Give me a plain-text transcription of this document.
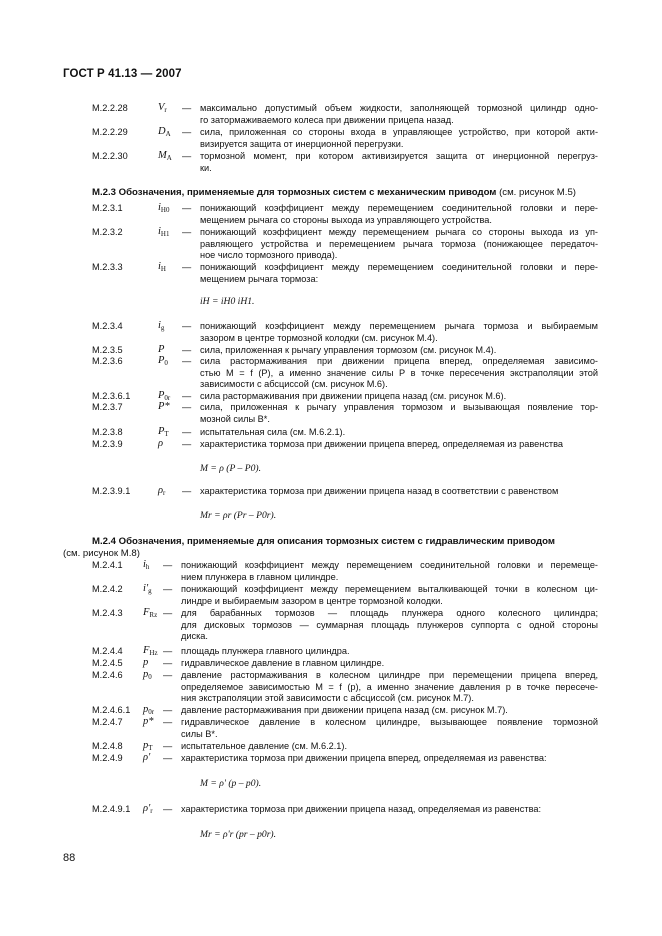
ГОСТ Р 41.13 — 2007
М.2.2.28	$V_r$ — максимально допустимый объем жидкости, заполняющей тормозной цилиндр одно-
го затормаживаемого колеса при движении прицепа назад.
М.2.2.29	$D_A$ — сила, приложенная со стороны входа в управляющее устройство, при которой акти-
визируется защита от инерционной перегрузки.
М.2.2.30	$M_A$ — тормозной момент, при котором активизируется защита от инерционной перегруз-
ки.
М.2.3 Обозначения, применяемые для тормозных систем с механическим приводом (см. рисунок М.5)
М.2.3.1	$i_{H0}$ — понижающий коэффициент между перемещением соединительной головки и пере-
мещением рычага со стороны выхода из управляющего устройства.
М.2.3.2	$i_{H1}$ — понижающий коэффициент между перемещением рычага со стороны выхода из уп-
равляющего устройства и перемещением рычага тормоза (понижающее передаточ-
ное число тормозного привода).
М.2.3.3	$i_H$ — понижающий коэффициент между перемещением соединительной головки и пере-
мещением рычага тормоза:
iH = iH0 iH1.
М.2.3.4	$i_g$ — понижающий коэффициент между перемещением рычага тормоза и выбираемым
зазором в центре тормозной колодки (см. рисунок М.4).
М.2.3.5	P — сила, приложенная к рычагу управления тормозом (см. рисунок М.4).
М.2.3.6	$P_0$ — сила растормаживания при движении прицепа вперед, определяемая зависимо-
стью M = f (P), а именно значение силы P в точке пересечения экстраполяции этой
зависимости с абсциссой (см. рисунок М.6).
М.2.3.6.1	$P_{0r}$ — сила растормаживания при движении прицепа назад (см. рисунок М.6).
М.2.3.7	P* — сила, приложенная к рычагу управления тормозом и вызывающая появление тор-
мозной силы B*.
М.2.3.8	$P_T$ — испытательная сила (см. М.6.2.1).
М.2.3.9	ρ — характеристика тормоза при движении прицепа вперед, определяемая из равенства
M = ρ (P – P0).
М.2.3.9.1	$\rho_r$ — характеристика тормоза при движении прицепа назад в соответствии с равенством
Mr = ρr (Pr – P0r).
М.2.4 Обозначения, применяемые для описания тормозных систем с гидравлическим приводом
(см. рисунок М.8)
М.2.4.1 $i_h$ — понижающий коэффициент между перемещением соединительной головки и перемеще-
нием плунжера в главном цилиндре.
М.2.4.2 $i'_g$ — понижающий коэффициент между перемещением выталкивающей точки в колесном ци-
линдре и выбираемым зазором в центре тормозной колодки.
М.2.4.3 $F_{Rz}$ — для барабанных тормозов — площадь плунжера одного колесного цилиндра;
для дисковых тормозов — суммарная площадь плунжеров суппорта с одной стороны
диска.
М.2.4.4 $F_{Hz}$ — площадь плунжера главного цилиндра.
М.2.4.5 p — гидравлическое давление в главном цилиндре.
М.2.4.6 $p_0$ — давление растормаживания в колесном цилиндре при перемещении прицепа вперед,
определяемое зависимостью M = f (p), а именно значение давления p в точке пересече-
ния экстраполяции этой зависимости с абсциссой (см. рисунок М.7).
М.2.4.6.1 $p_{0r}$ — давление растормаживания при движении прицепа назад (см. рисунок М.7).
М.2.4.7 p* — гидравлическое давление в колесном цилиндре, вызывающее появление тормозной
силы B*.
М.2.4.8 $p_T$ — испытательное давление (см. М.6.2.1).
М.2.4.9 ρ' — характеристика тормоза при движении прицепа вперед, определяемая из равенства:
M = ρ' (p – p0).
М.2.4.9.1 $\rho'_r$ — характеристика тормоза при движении прицепа назад, определяемая из равенства:
Mr = ρ'r (pr – p0r).
88
